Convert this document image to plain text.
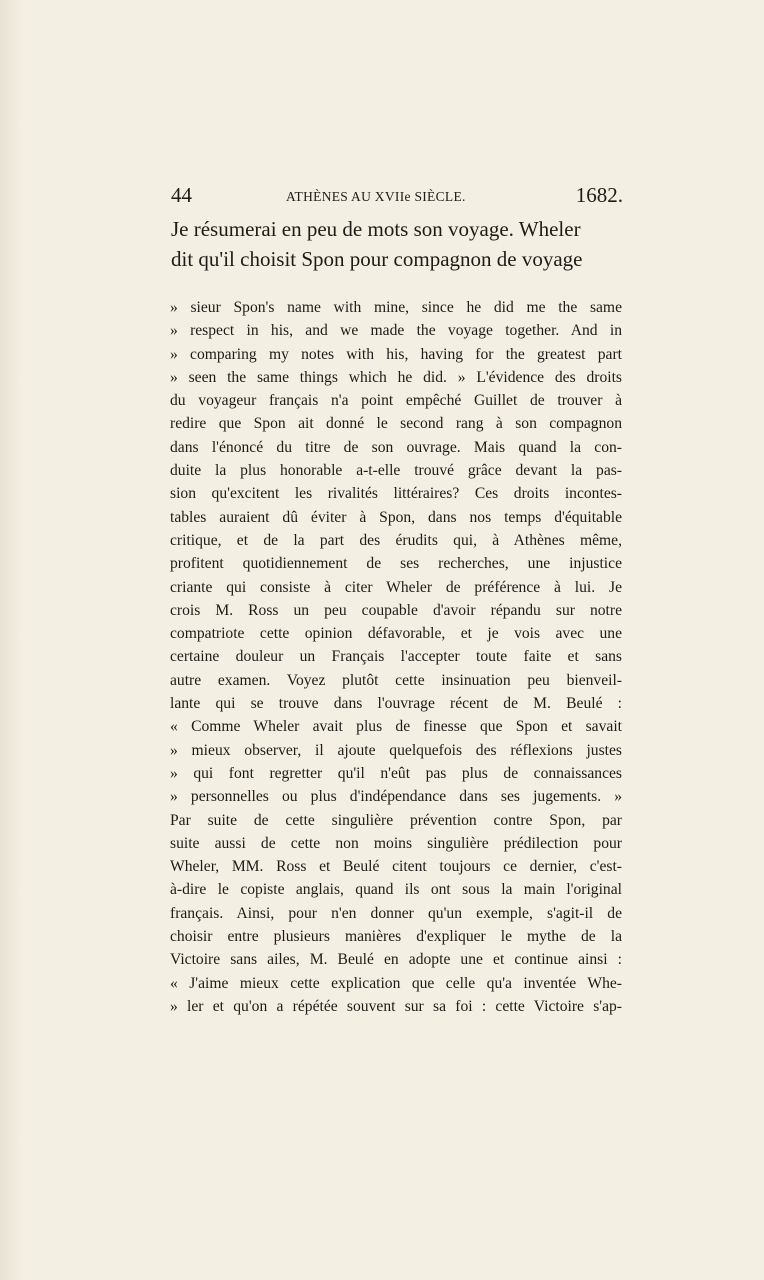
44	ATHÈNES AU XVIIe SIÈCLE.	1682.
Je résumerai en peu de mots son voyage. Wheler
dit qu'il choisit Spon pour compagnon de voyage
» sieur Spon's name with mine, since he did me the same
» respect in his, and we made the voyage together. And in
» comparing my notes with his, having for the greatest part
» seen the same things which he did. » L'évidence des droits
du voyageur français n'a point empêché Guillet de trouver à
redire que Spon ait donné le second rang à son compagnon
dans l'énoncé du titre de son ouvrage. Mais quand la con-
duite la plus honorable a-t-elle trouvé grâce devant la pas-
sion qu'excitent les rivalités littéraires? Ces droits incontes-
tables auraient dû éviter à Spon, dans nos temps d'équitable
critique, et de la part des érudits qui, à Athènes même,
profitent quotidiennement de ses recherches, une injustice
criante qui consiste à citer Wheler de préférence à lui. Je
crois M. Ross un peu coupable d'avoir répandu sur notre
compatriote cette opinion défavorable, et je vois avec une
certaine douleur un Français l'accepter toute faite et sans
autre examen. Voyez plutôt cette insinuation peu bienveil-
lante qui se trouve dans l'ouvrage récent de M. Beulé :
« Comme Wheler avait plus de finesse que Spon et savait
» mieux observer, il ajoute quelquefois des réflexions justes
» qui font regretter qu'il n'eût pas plus de connaissances
» personnelles ou plus d'indépendance dans ses jugements. »
Par suite de cette singulière prévention contre Spon, par
suite aussi de cette non moins singulière prédilection pour
Wheler, MM. Ross et Beulé citent toujours ce dernier, c'est-
à-dire le copiste anglais, quand ils ont sous la main l'original
français. Ainsi, pour n'en donner qu'un exemple, s'agit-il de
choisir entre plusieurs manières d'expliquer le mythe de la
Victoire sans ailes, M. Beulé en adopte une et continue ainsi :
« J'aime mieux cette explication que celle qu'a inventée Whe-
» ler et qu'on a répétée souvent sur sa foi : cette Victoire s'ap-
